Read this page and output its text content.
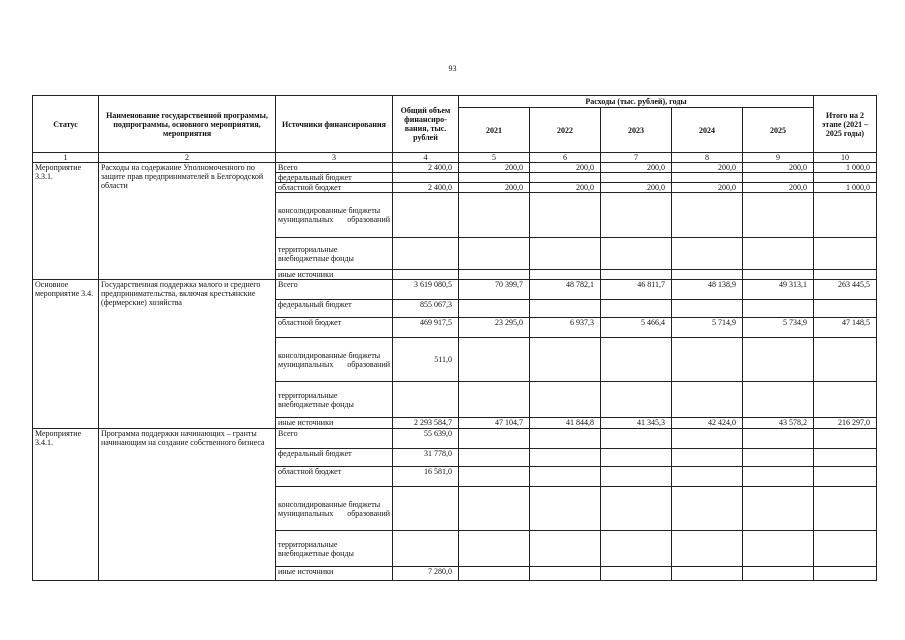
93
Статус	Наименование государственной программы, подпрограммы, основного мероприятия, мероприятия	Источники финансирования	Общий объем финансиро-вания, тыс. рублей	Расходы (тыс. рублей), годы					Итого на 2 этапе (2021 – 2025 годы)
				2021	2022	2023	2024	2025	
1	2	3	4	5	6	7	8	9	10
Мероприятие 3.3.1.	Расходы на содержание Уполномоченного по защите прав предпринимателей в Белгородской области	Всего	2 400,0	200,0	200,0	200,0	200,0	200,0	1 000,0
		федеральный бюджет							
		областной бюджет	2 400,0	200,0	200,0	200,0	200,0	200,0	1 000,0

		консолидированные бюджеты
муниципальных образований							

		территориальные внебюджетные фонды							
		иные источники							
Основное мероприятие 3.4.	Государственная поддержка малого и среднего предпринимательства, включая крестьянские (фермерские) хозяйства	Всего	3 619 080,5	70 399,7	48 782,1	46 811,7	48 138,9	49 313,1	263 445,5
		федеральный бюджет	855 067,3						
		областной бюджет	469 917,5	23 295,0	6 937,3	5 466,4	5 714,9	5 734,9	47 148,5

		консолидированные бюджеты
муниципальных образований	511,0						
		территориальные внебюджетные фонды							
		иные источники	2 293 584,7	47 104,7	41 844,8	41 345,3	42 424,0	43 578,2	216 297,0
Мероприятие 3.4.1.	Программа поддержки начинающих – гранты начинающим на создание собственного бизнеса	Всего	55 639,0						
		федеральный бюджет	31 778,0						
		областной бюджет	16 581,0						

		консолидированные бюджеты
муниципальных образований							

		территориальные внебюджетные фонды							
		иные источники	7 280,0						
